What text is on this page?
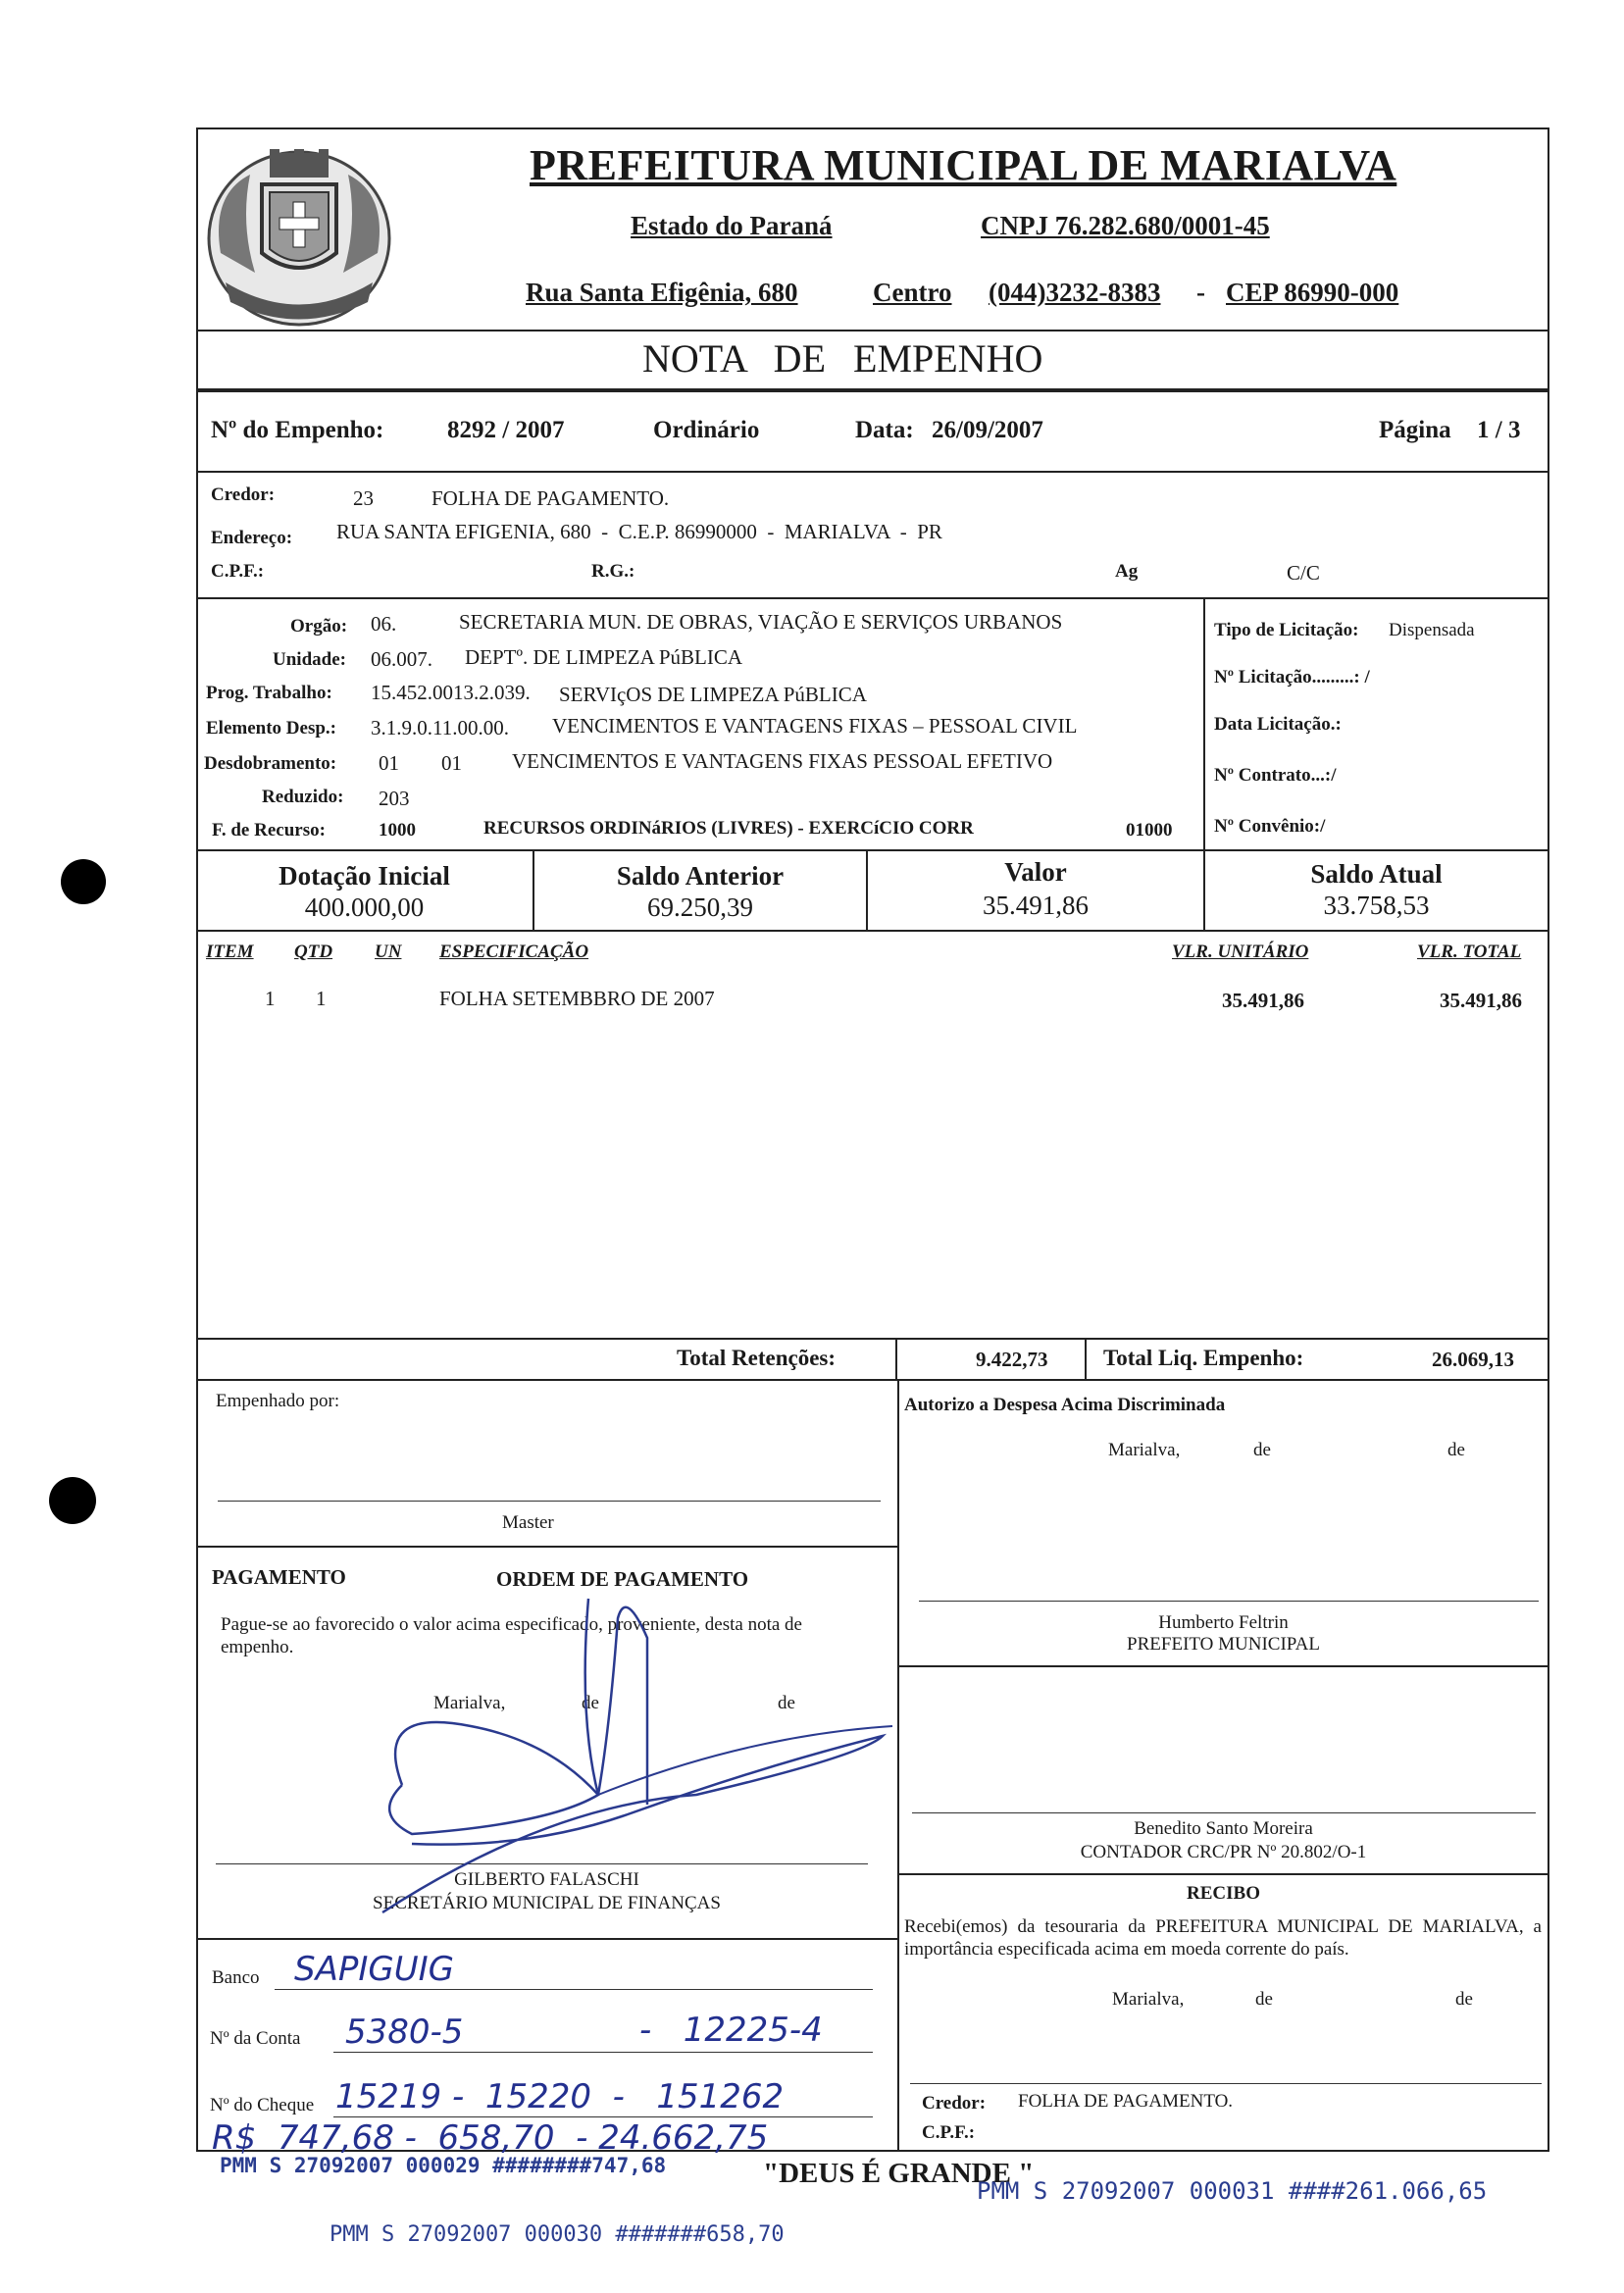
PREFEITURA MUNICIPAL DE MARIALVA
Estado do Paraná	CNPJ 76.282.680/0001-45
Rua Santa Efigênia, 680	Centro (044)3232-8383 - CEP 86990-000
NOTA DE EMPENHO
Nº do Empenho:	8292 / 2007	Ordinário	Data: 26/09/2007	Página 1 / 3
Credor:	23	FOLHA DE PAGAMENTO.
Endereço: RUA SANTA EFIGENIA, 680  -  C.E.P. 86990000  -  MARIALVA  -  PR
C.P.F.:	R.G.:	Ag	C/C
Orgão: 06.	SECRETARIA MUN. DE OBRAS, VIAÇÃO E SERVIÇOS URBANOS
Unidade: 06.007. DEPTº. DE LIMPEZA PúBLICA
Prog. Trabalho: 15.452.0013.2.039. SERVIçOS DE LIMPEZA PúBLICA
Elemento Desp.: 3.1.9.0.11.00.00. VENCIMENTOS E VANTAGENS FIXAS – PESSOAL CIVIL
Desdobramento: 01 01 VENCIMENTOS E VANTAGENS FIXAS PESSOAL EFETIVO
Reduzido: 203
F. de Recurso:	1000	RECURSOS ORDINáRIOS (LIVRES) - EXERCíCIO CORR	01000
Tipo de Licitação: Dispensada
Nº Licitação.........: /
Data Licitação.:
Nº Contrato...:/
Nº Convênio:/
Dotação Inicial
400.000,00
Saldo Anterior
69.250,39
Valor
35.491,86
Saldo Atual
33.758,53
ITEM QTD UN ESPECIFICAÇÃO	VLR. UNITÁRIO	VLR. TOTAL
1 1	FOLHA SETEMBBRO DE 2007	35.491,86	35.491,86
Total Retenções:	9.422,73 Total Liq. Empenho:	26.069,13
Empenhado por:
Master
Autorizo a Despesa Acima Discriminada
Marialva,	de	de
Humberto Feltrin
PREFEITO MUNICIPAL
PAGAMENTO	ORDEM DE PAGAMENTO
Pague-se ao favorecido o valor acima especificado, proveniente, desta nota de empenho.
Marialva,	de	de
GILBERTO FALASCHI
SECRETÁRIO MUNICIPAL DE FINANÇAS
Benedito Santo Moreira
CONTADOR CRC/PR Nº 20.802/O-1
RECIBO
Recebi(emos) da tesouraria da PREFEITURA MUNICIPAL DE MARIALVA, a importância especificada acima em moeda corrente do país.
Marialva,	de	de
Credor: FOLHA DE PAGAMENTO.
C.P.F.:
Banco SAPIGUIG
Nº da Conta 5380-5	-   12225-4
Nº do Cheque 15219 -  15220  -   151262
R$  747,68 -  658,70  - 24.662,75
PMM S 27092007 000029 ########747,68	"DEUS É GRANDE "
PMM S 27092007 000031 ####261.066,65
PMM S 27092007 000030 #######658,70
